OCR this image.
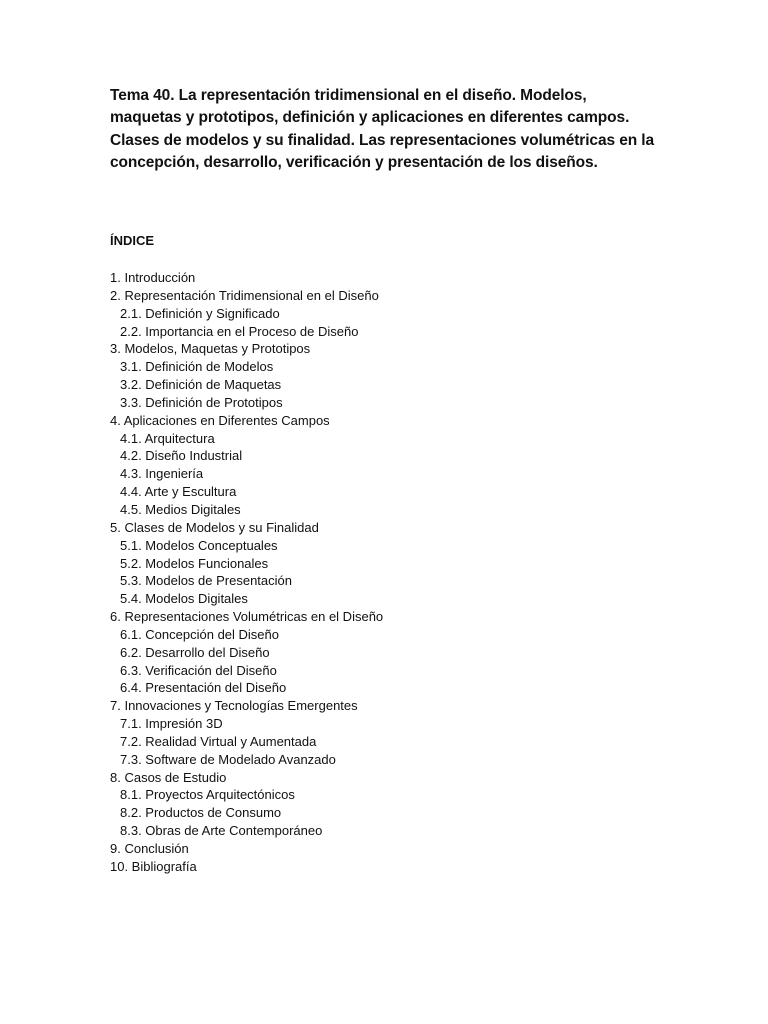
Tema 40. La representación tridimensional en el diseño. Modelos, maquetas y prototipos, definición y aplicaciones en diferentes campos. Clases de modelos y su finalidad. Las representaciones volumétricas en la concepción, desarrollo, verificación y presentación de los diseños.
ÍNDICE
1. Introducción
2. Representación Tridimensional en el Diseño
2.1. Definición y Significado
2.2. Importancia en el Proceso de Diseño
3. Modelos, Maquetas y Prototipos
3.1. Definición de Modelos
3.2. Definición de Maquetas
3.3. Definición de Prototipos
4. Aplicaciones en Diferentes Campos
4.1. Arquitectura
4.2. Diseño Industrial
4.3. Ingeniería
4.4. Arte y Escultura
4.5. Medios Digitales
5. Clases de Modelos y su Finalidad
5.1. Modelos Conceptuales
5.2. Modelos Funcionales
5.3. Modelos de Presentación
5.4. Modelos Digitales
6. Representaciones Volumétricas en el Diseño
6.1. Concepción del Diseño
6.2. Desarrollo del Diseño
6.3. Verificación del Diseño
6.4. Presentación del Diseño
7. Innovaciones y Tecnologías Emergentes
7.1. Impresión 3D
7.2. Realidad Virtual y Aumentada
7.3. Software de Modelado Avanzado
8. Casos de Estudio
8.1. Proyectos Arquitectónicos
8.2. Productos de Consumo
8.3. Obras de Arte Contemporáneo
9. Conclusión
10. Bibliografía
